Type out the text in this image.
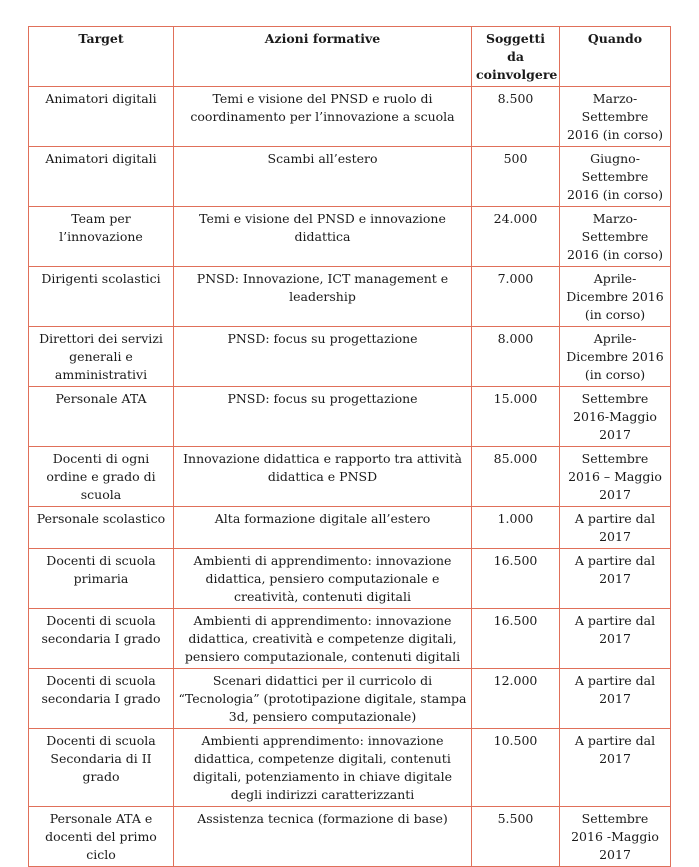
Target	Azioni formative	Soggetti da coinvolgere	Quando
Animatori digitali	Temi e visione del PNSD e ruolo di coordinamento per l’innovazione a scuola	8.500	Marzo-Settembre 2016 (in corso)
Animatori digitali	Scambi all’estero	500	Giugno-Settembre 2016 (in corso)
Team per l’innovazione	Temi e visione del PNSD e innovazione didattica	24.000	Marzo-Settembre 2016 (in corso)
Dirigenti scolastici	PNSD: Innovazione, ICT management e leadership	7.000	Aprile-Dicembre 2016 (in corso)
Direttori dei servizi generali e amministrativi	PNSD: focus su progettazione	8.000	Aprile-Dicembre 2016 (in corso)
Personale ATA	PNSD: focus su progettazione	15.000	Settembre 2016-Maggio 2017
Docenti di ogni ordine e grado di scuola	Innovazione didattica e rapporto tra attività didattica e PNSD	85.000	Settembre 2016 – Maggio 2017
Personale scolastico	Alta formazione digitale all’estero	1.000	A partire dal 2017
Docenti di scuola primaria	Ambienti di apprendimento: innovazione didattica, pensiero computazionale e creatività, contenuti digitali	16.500	A partire dal 2017
Docenti di scuola secondaria I grado	Ambienti di apprendimento: innovazione didattica, creatività e competenze digitali, pensiero computazionale, contenuti digitali	16.500	A partire dal 2017
Docenti di scuola secondaria I grado	Scenari didattici per il curricolo di “Tecnologia” (prototipazione digitale, stampa 3d, pensiero computazionale)	12.000	A partire dal 2017
Docenti di scuola Secondaria di II grado	Ambienti apprendimento: innovazione didattica, competenze digitali, contenuti digitali, potenziamento in chiave digitale degli indirizzi caratterizzanti	10.500	A partire dal 2017
Personale ATA e docenti del primo ciclo	Assistenza tecnica (formazione di base)	5.500	Settembre 2016 -Maggio 2017
